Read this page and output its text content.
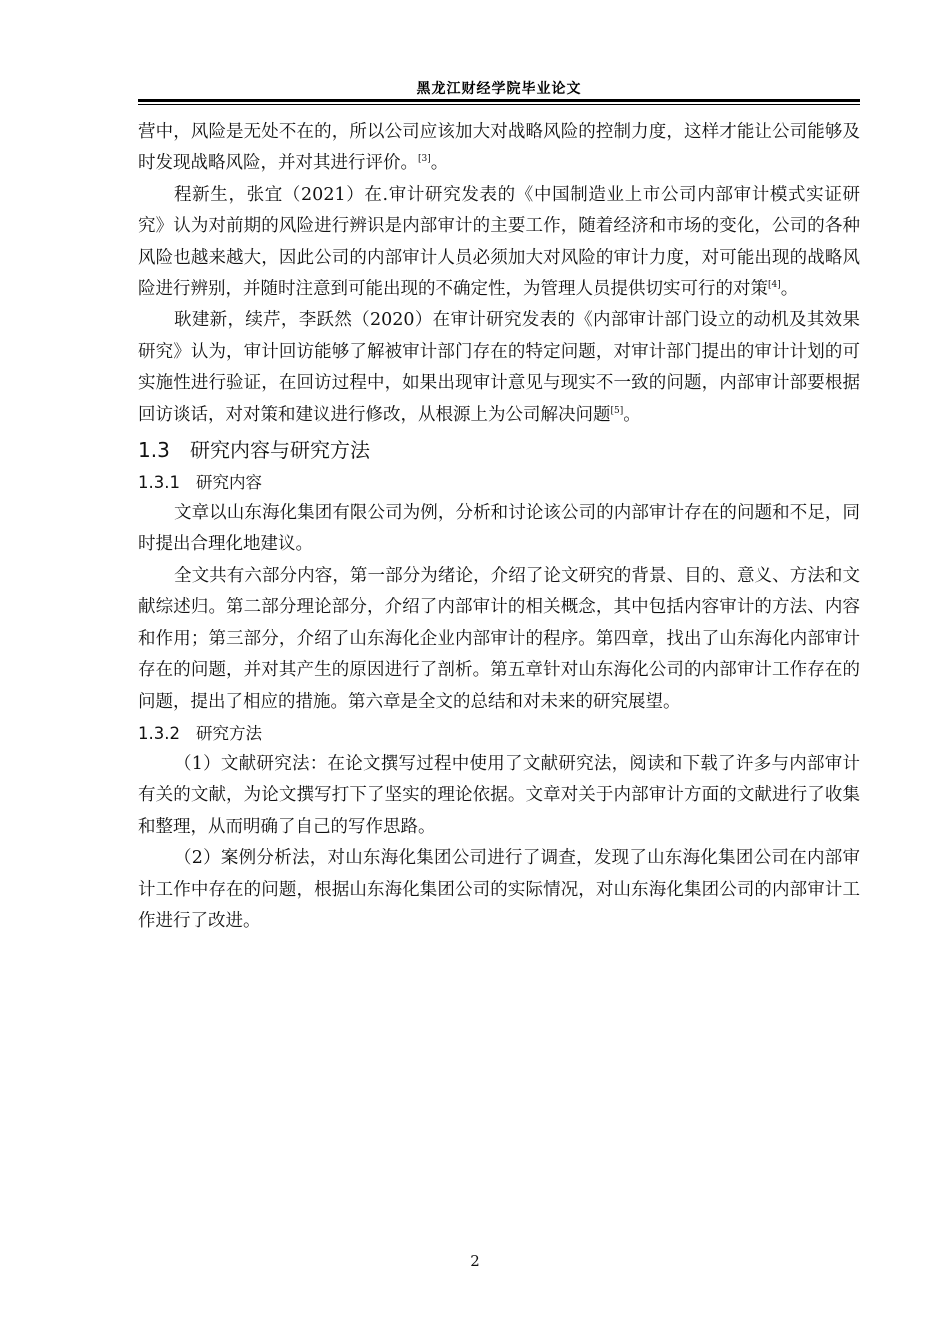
黑龙江财经学院毕业论文

营中，风险是无处不在的，所以公司应该加大对战略风险的控制力度，这样才能让公司能够及时发现战略风险，并对其进行评价。[3]。

程新生，张宜（2021）在.审计研究发表的《中国制造业上市公司内部审计模式实证研究》认为对前期的风险进行辨识是内部审计的主要工作，随着经济和市场的变化，公司的各种风险也越来越大，因此公司的内部审计人员必须加大对风险的审计力度，对可能出现的战略风险进行辨别，并随时注意到可能出现的不确定性，为管理人员提供切实可行的对策[4]。

耿建新，续芹，李跃然（2020）在审计研究发表的《内部审计部门设立的动机及其效果研究》认为，审计回访能够了解被审计部门存在的特定问题，对审计部门提出的审计计划的可实施性进行验证，在回访过程中，如果出现审计意见与现实不一致的问题，内部审计部要根据回访谈话，对对策和建议进行修改，从根源上为公司解决问题[5]。

1.3 研究内容与研究方法
1.3.1 研究内容

文章以山东海化集团有限公司为例，分析和讨论该公司的内部审计存在的问题和不足，同时提出合理化地建议。

全文共有六部分内容，第一部分为绪论，介绍了论文研究的背景、目的、意义、方法和文献综述归。第二部分理论部分，介绍了内部审计的相关概念，其中包括内容审计的方法、内容和作用；第三部分，介绍了山东海化企业内部审计的程序。第四章，找出了山东海化内部审计存在的问题，并对其产生的原因进行了剖析。第五章针对山东海化公司的内部审计工作存在的问题，提出了相应的措施。第六章是全文的总结和对未来的研究展望。

1.3.2 研究方法

（1）文献研究法：在论文撰写过程中使用了文献研究法，阅读和下载了许多与内部审计有关的文献，为论文撰写打下了坚实的理论依据。文章对关于内部审计方面的文献进行了收集和整理，从而明确了自己的写作思路。

（2）案例分析法，对山东海化集团公司进行了调查，发现了山东海化集团公司在内部审计工作中存在的问题，根据山东海化集团公司的实际情况，对山东海化集团公司的内部审计工作进行了改进。

2
